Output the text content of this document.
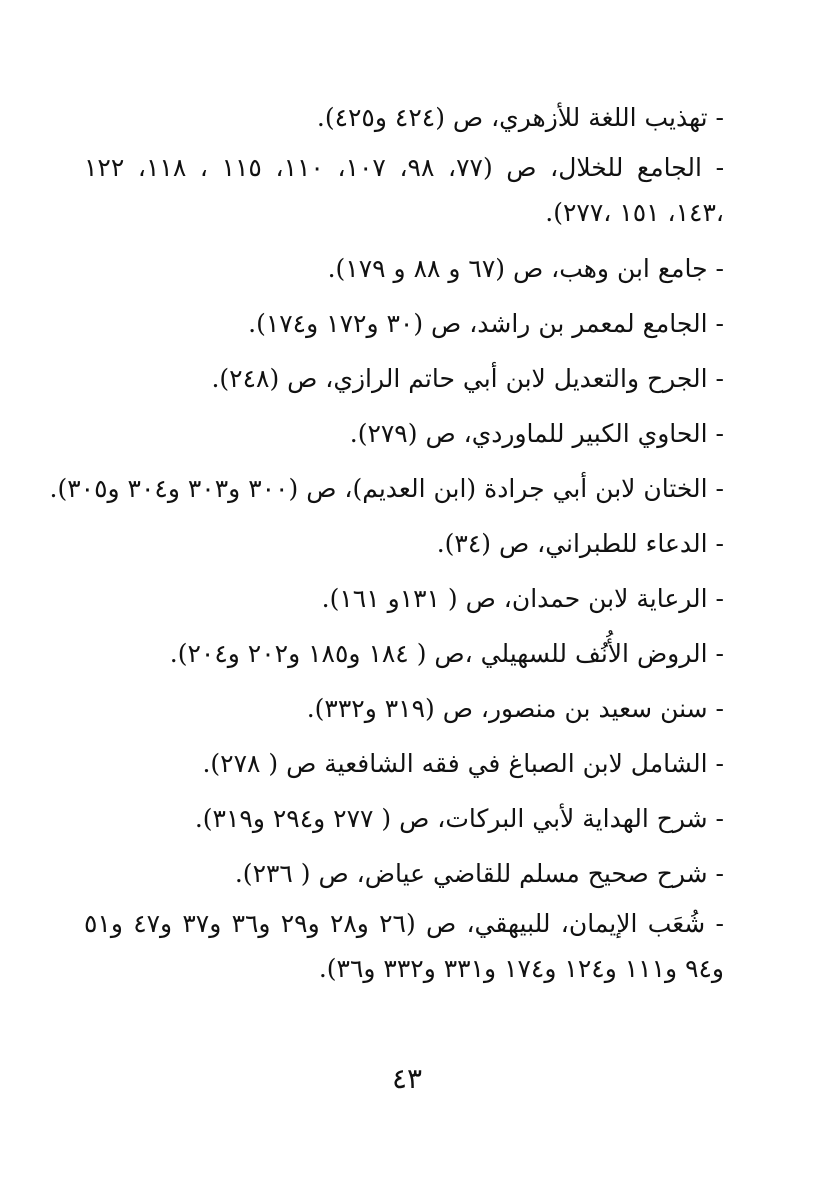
- تهذيب اللغة للأزهري، ص (٤٢٤ و٤٢٥).

- الجامع للخلال، ص (٧٧، ٩٨، ١٠٧، ١١٠، ١١٥ ، ١١٨، ١٢٢ ،١٤٣، ١٥١ ،٢٧٧).

- جامع ابن وهب، ص (٦٧ و ٨٨ و ١٧٩).

- الجامع لمعمر بن راشد، ص (٣٠ و١٧٢ و١٧٤).

- الجرح والتعديل لابن أبي حاتم الرازي، ص (٢٤٨).

- الحاوي الكبير للماوردي، ص (٢٧٩).

- الختان لابن أبي جرادة (ابن العديم)، ص (٣٠٠ و٣٠٣ و٣٠٤ و٣٠٥).

- الدعاء للطبراني، ص (٣٤).

- الرعاية لابن حمدان، ص ( ١٣١و ١٦١).

- الروض الأُنُف للسهيلي ،ص ( ١٨٤ و١٨٥ و٢٠٢ و٢٠٤).

- سنن سعيد بن منصور، ص (٣١٩ و٣٣٢).

- الشامل لابن الصباغ في فقه الشافعية ص ( ٢٧٨).

- شرح الهداية لأبي البركات، ص ( ٢٧٧ و٢٩٤ و٣١٩).

- شرح صحيح مسلم للقاضي عياض، ص ( ٢٣٦).

- شُعَب الإيمان، للبيهقي، ص (٢٦ و٢٨ و٢٩ و٣٦ و٣٧ و٤٧ و٥١ و٩٤ و١١١ و١٢٤ و١٧٤ و٣٣١ و٣٣٢ و٣٦).

٤٣
